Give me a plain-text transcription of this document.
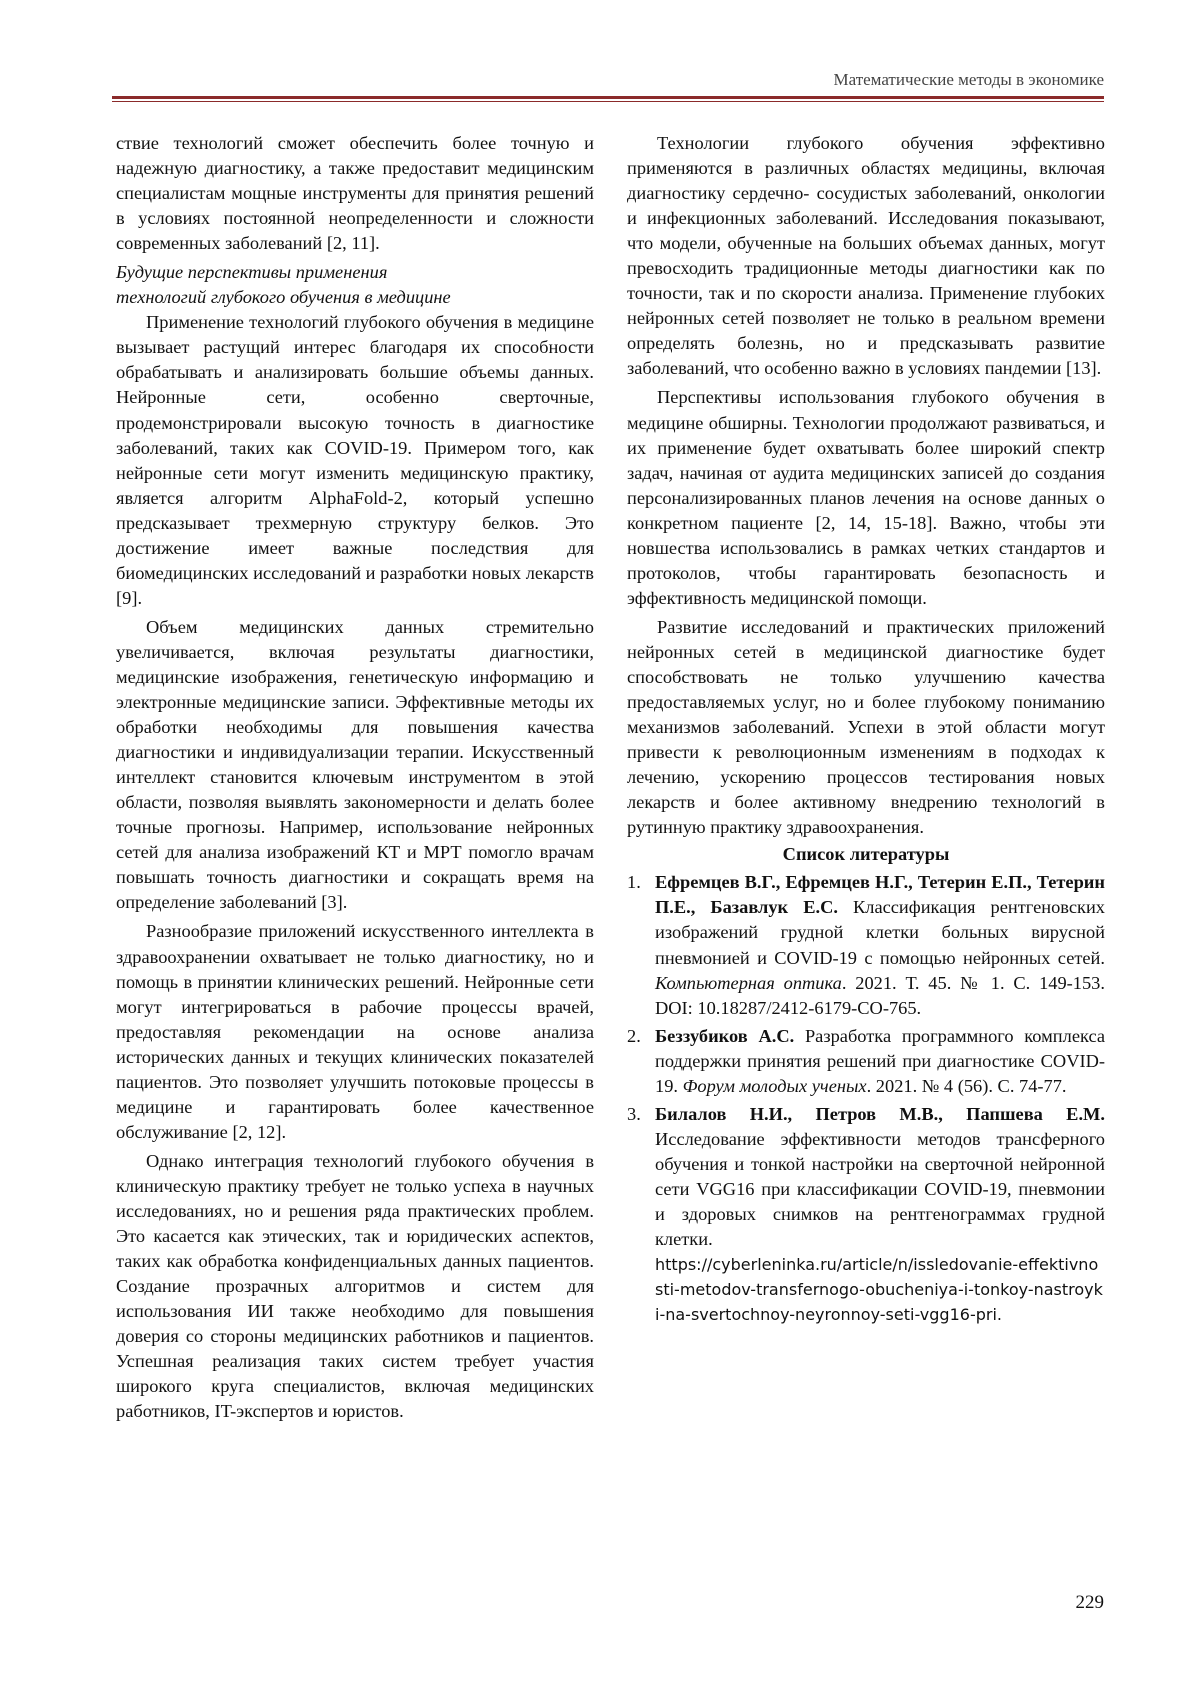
Математические методы в экономике

ствие технологий сможет обеспечить более точную и надежную диагностику, а также предоставит медицинским специалистам мощные инструменты для принятия решений в условиях постоянной неопределенности и сложности современных заболеваний [2, 11].

Будущие перспективы применения
технологий глубокого обучения в медицине

Применение технологий глубокого обучения в медицине вызывает растущий интерес благодаря их способности обрабатывать и анализировать большие объемы данных. Нейронные сети, особенно сверточные, продемонстрировали высокую точность в диагностике заболеваний, таких как COVID-19. Примером того, как нейронные сети могут изменить медицинскую практику, является алгоритм AlphaFold-2, который успешно предсказывает трехмерную структуру белков. Это достижение имеет важные последствия для биомедицинских исследований и разработки новых лекарств [9].

Объем медицинских данных стремительно увеличивается, включая результаты диагностики, медицинские изображения, генетическую информацию и электронные медицинские записи. Эффективные методы их обработки необходимы для повышения качества диагностики и индивидуализации терапии. Искусственный интеллект становится ключевым инструментом в этой области, позволяя выявлять закономерности и делать более точные прогнозы. Например, использование нейронных сетей для анализа изображений КТ и МРТ помогло врачам повышать точность диагностики и сокращать время на определение заболеваний [3].

Разнообразие приложений искусственного интеллекта в здравоохранении охватывает не только диагностику, но и помощь в принятии клинических решений. Нейронные сети могут интегрироваться в рабочие процессы врачей, предоставляя рекомендации на основе анализа исторических данных и текущих клинических показателей пациентов. Это позволяет улучшить потоковые процессы в медицине и гарантировать более качественное обслуживание [2, 12].

Однако интеграция технологий глубокого обучения в клиническую практику требует не только успеха в научных исследованиях, но и решения ряда практических проблем. Это касается как этических, так и юридических аспектов, таких как обработка конфиденциальных данных пациентов. Создание прозрачных алгоритмов и систем для использования ИИ также необходимо для повышения доверия со стороны медицинских работников и пациентов. Успешная реализация таких систем требует участия широкого круга специалистов, включая медицинских работников, IT-экспертов и юристов.

Технологии глубокого обучения эффективно применяются в различных областях медицины, включая диагностику сердечно- сосудистых заболеваний, онкологии и инфекционных заболеваний. Исследования показывают, что модели, обученные на больших объемах данных, могут превосходить традиционные методы диагностики как по точности, так и по скорости анализа. Применение глубоких нейронных сетей позволяет не только в реальном времени определять болезнь, но и предсказывать развитие заболеваний, что особенно важно в условиях пандемии [13].

Перспективы использования глубокого обучения в медицине обширны. Технологии продолжают развиваться, и их применение будет охватывать более широкий спектр задач, начиная от аудита медицинских записей до создания персонализированных планов лечения на основе данных о конкретном пациенте [2, 14, 15-18]. Важно, чтобы эти новшества использовались в рамках четких стандартов и протоколов, чтобы гарантировать безопасность и эффективность медицинской помощи.

Развитие исследований и практических приложений нейронных сетей в медицинской диагностике будет способствовать не только улучшению качества предоставляемых услуг, но и более глубокому пониманию механизмов заболеваний. Успехи в этой области могут привести к революционным изменениям в подходах к лечению, ускорению процессов тестирования новых лекарств и более активному внедрению технологий в рутинную практику здравоохранения.

Список литературы

1. Ефремцев В.Г., Ефремцев Н.Г., Тетерин Е.П., Тетерин П.Е., Базавлук Е.С. Классификация рентгеновских изображений грудной клетки больных вирусной пневмонией и COVID-19 с помощью нейронных сетей. Компьютерная оптика. 2021. Т. 45. № 1. С. 149-153. DOI: 10.18287/2412-6179-CO-765.
2. Беззубиков А.С. Разработка программного комплекса поддержки принятия решений при диагностике COVID-19. Форум молодых ученых. 2021. № 4 (56). С. 74-77.
3. Билалов Н.И., Петров М.В., Папшева Е.М. Исследование эффективности методов трансферного обучения и тонкой настройки на сверточной нейронной сети VGG16 при классификации COVID-19, пневмонии и здоровых снимков на рентгенограммах грудной клетки.
https://cyberleninka.ru/article/n/issledovanie-effektivnosti-metodov-transfernogo-obucheniya-i-tonkoy-nastroyki-na-svertochnoy-neyronnoy-seti-vgg16-pri.
229
